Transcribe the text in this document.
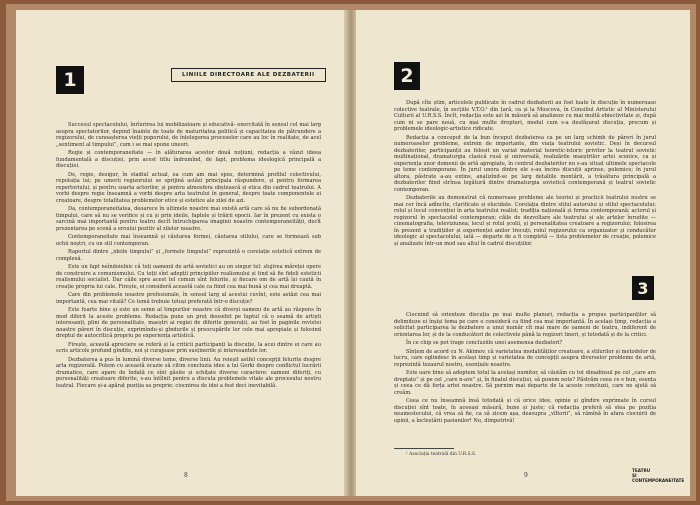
1	LINIILE DIRECTOARE ALE DEZBATERII

Succesul spectacolului, înrîurirea lui mobilizatoare și educativă- exercitată în sensul cel mai larg asupra spectatorilor, depind înainte de toate de maturitatea politică și capacitatea de pătrundere a regizorului, de cunoașterea vieții poporului, de înțelegerea proceselor care au loc în realitate, de acel „sentiment al timpului”, cum i se mai spune uneori.

Regie și contemporaneitate — în alăturarea acestor două noțiuni, redacția a văzut ideea fundamentală a discuției, prin acest titlu îndrumînd, de fapt, problema ideologică principală a discuției.

De, regie, desigur, în stadiul actual, ea cum am mai spus, determină profilul colectivului, reputația lui; pe umerii regizorului se sprijină astăzi principala răspundere, și pentru formarea repertoriului, și pentru soarta actorilor, și pentru atmosfera obștească și etica din cadrul teatrului. A vorbi despre regie înseamnă a vorbi despre arta teatrului în general, despre toate componentele ei creatoare, despre totalitatea problemelor etice și estetice ale zilei de azi.

Da, contemporaneitatea, deoarece în ultimele noastre mai există artă care să nu fie subordonată timpului, care să nu se verifice și cu și prin ideile, faptele și trăirii epocii. Iar în prezent cu exista o sarcină mai importantă pentru teatru decît întruchiparea imaginii noastre contemporaneității, decît prezentarea pe scenă a eroului pozitiv al zilelor noastre.

Contemporaneitate mai înseamnă și căutarea formei, căutarea stilului, care se formează sub ochii noștri, cu un stil contemporan.

Raportul dintre „ideile timpului” și „formele timpului” reprezintă o corelație estetică extrem de complexă.

Este un fapt neîndoielnic că toți oamenii de artă sovietici au un singur tel: slujirea măreței opere de construire a comunismului. Cu toții sînt adepții principiilor realismului și tind să fie fideli esteticii realismului socialist. Dar căile spre acest tel comun sînt felurite, și fiecare om de artă își caută în creație propria lui cale. Firește, ei consideră această cale ca fiind cea mai bună și cea mai dreaptă.

Care din problemele noastre profesionale, în sensul larg al acestui cuvînt, este astăzi cea mai importantă, cea mai vitală? Ce temă trebuie totuși preferată într-o discuție?

Este foarte bine și este un semn al timpurilor noastre că diverși oameni de artă au răspuns în mod diferit la aceste probleme. Redacția pune un preț deosebit pe faptul că o seamă de artiști interesanți, plini de personalitate, maeștri ai regiei de diferite generații, au fost în paginile revistei noastre păreri în discuție, exprimîndu-și gîndurile și preocupările lor cele mai apropiate și folosind dreptul de autocritică propriu pe experiența artistică.

Firește, această apreciere se referă și la criticii participanți la discuție, la acei dintre ei care au scris articole profund gîndite, noi și curajoase prin susținerile și interesantele lor.

Dezbaterea a pus în lumină diverse teme, diverse linii. Au reieșit astfel concepții felurite despre arta regizorală. Putem cu această ocazie să citim concluzia idee a lui Gorki despre conflictul lucrării dramatice, care apare de îndată ce sînt găsite și schițate diverse caractere: oameni diferiți, cu personalități creatoare diferite, s-au întîlnit pentru a discuta problemele vitale ale procesului nostru teatral. Fiecare și-a apărat poziția sa proprie: ciocnirea de idei a fost deci inevitabilă.

8
2

După cîte știm, articolele publicate în cadrul dezbaterii au fost luate în discuție în numeroase colective teatrale, în secțiile V.T.O.¹ din țară, ca și la Moscova, în Consiliul Artistic al Ministerului Culturii al U.R.S.S. Încît, redacția este azi în măsură să analizeze cu mai multă obiectivitate și, după cum ni se pare nouă, cu mai multe drepturi, modul cum s-a desfășurat discuția, precum și problemele ideologic-artistice ridicate.

Redacția a conceput de la bun început dezbaterea ca pe un larg schimb de păreri în jurul numeroaselor probleme, extrem de importante, din viața teatrului sovietic. Deși în decursul dezbaterilor, participanții au folosit un variat material teoretic-istoric privitor la teatrul sovietic multinațional, dramaturgia clasică rusă și universală, realizările maeștrilor artei scenice, ca și experiența unor domenii de artă apropiate, în centrul dezbaterilor nu s-au situat ultimele spectacole pe teme contemporane. În jurul unora dintre ele s-au încins discuții aprinse, polemice; în jurul altora, păstrate a-au extins, analizînd-se pe larg detaliile montării, a trăsătura principală a dezbaterilor fiind strînsa legătură dintre dramaturgia sovietică contemporană și teatrul sovietic contemporan.

Dezbaterile au demonstrat că numeroase probleme ale teoriei și practicii teatrului nostru se mai cer încă adîncite, clarificate și elucidate. Corelația dintre stilul autorului și stilul spectacolului; rolul și locul convenției în arta teatrului realist; tradiția națională și forma contemporană; actorul și regizorul în spectacolul contemporan; căile de dezvoltare ale teatrului și ale artelor înrudite — cinematografia, televiziunea; locul și rolul școlii, și personalitatea creatoare a regizorului; folosirea în prezent a tradițiilor și experienței anilor trecuți; rolul regizorului ca organizator și conducător ideologic al spectacolului, iată — departe de a fi completă — lista problemelor de creație, polemice și analizate într-un mod sau altul în cadrul discuțiilor.

3

Ciocnind să orienteze discuția pe mai multe planuri, redacția a propus participanților să delimiteze ei înșiși tema pe care o consideră ca fiind cea mai importantă. În același timp, redacția a solicitat participarea la dezbatere a unui număr cît mai mare de oameni de teatru, indiferent de orientarea lor, și de la conducători de colectivele până la regizori tineri, și totodată și de la critici.

În ce chip se pot trage concluziile unei asemenea dezbateri?

Sînțem de acord cu N. Akimov, că varietatea modalităților creatoare, a stilurilor și metodelor de lucru, care oglindesc în același timp și varietatea de concepții asupra diverselor probleme de artă, reprezintă tezaurul nostru, esențiale noastre.

Este oare bine să adoptem totul la același numitor, să căutăm cu tot dinadinsul pe cel „care are dreptate” și pe cel „care n-are” și, în finalul discuției, să punem note? Păstrăm ceea ce e bun, esența și ceea ce dă forța artei noastre. Să pornim mai departe de la aceste concluzii, care ne ajută să creăm.

Ceea ce nu înseamnă însă totodată și că orice idee, opinie și gîndire exprimate în cursul discuției sînt toate, în aceeași măsură, bune și juste; că redacția preferă să stea pe poziția neamestecului, că vrea să fie, ca să zicem așa, deasupra „vîltorii”, să rămînă în afara ciocnirii de opinii, a încleștării pasiunilor! Nu, dimpotrivă!

¹ Asociația teatrală din U.R.S.S.
9
TEATRU
ȘI
CONTEMPORANEITATE
